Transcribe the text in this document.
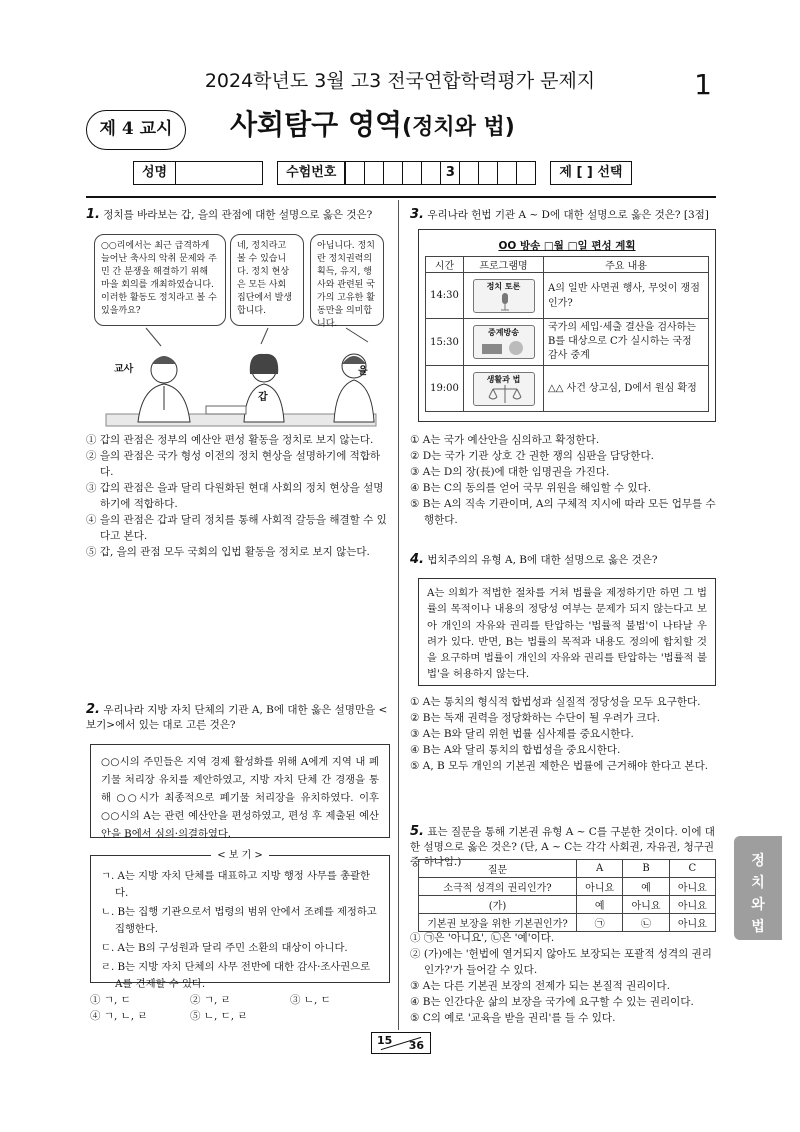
2024학년도 3월 고3 전국연합학력평가 문제지	1
제 4 교시	사회탐구 영역(정치와 법)
성명	수험번호	3	제 [ ] 선택
1. 정치를 바라보는 갑, 을의 관점에 대한 설명으로 옳은 것은?
○○리에서는 최근 급격하게 늘어난 축사의 악취 문제와 주민 간 분쟁을 해결하기 위해 마을 회의를 개최하였습니다. 이러한 활동도 정치라고 볼 수 있을까요?
네, 정치라고 볼 수 있습니다. 정치 현상은 모든 사회 집단에서 발생합니다.
아닙니다. 정치란 정치권력의 획득, 유지, 행사와 관련된 국가의 고유한 활동만을 의미합니다.
교사
갑
을
① 갑의 관점은 정부의 예산안 편성 활동을 정치로 보지 않는다.
② 을의 관점은 국가 형성 이전의 정치 현상을 설명하기에 적합하다.
③ 갑의 관점은 을과 달리 다원화된 현대 사회의 정치 현상을 설명하기에 적합하다.
④ 을의 관점은 갑과 달리 정치를 통해 사회적 갈등을 해결할 수 있다고 본다.
⑤ 갑, 을의 관점 모두 국회의 입법 활동을 정치로 보지 않는다.
2. 우리나라 지방 자치 단체의 기관 A, B에 대한 옳은 설명만을 <보기>에서 있는 대로 고른 것은?
○○시의 주민들은 지역 경제 활성화를 위해 A에게 지역 내 폐기물 처리장 유치를 제안하였고, 지방 자치 단체 간 경쟁을 통해 ○○시가 최종적으로 폐기물 처리장을 유치하였다. 이후 ○○시의 A는 관련 예산안을 편성하였고, 편성 후 제출된 예산안을 B에서 심의·의결하였다.
< 보 기 >

ㄱ. A는 지방 자치 단체를 대표하고 지방 행정 사무를 총괄한다.

ㄴ. B는 집행 기관으로서 법령의 범위 안에서 조례를 제정하고 집행한다.

ㄷ. A는 B의 구성원과 달리 주민 소환의 대상이 아니다.

ㄹ. B는 지방 자치 단체의 사무 전반에 대한 감사·조사권으로 A를 견제할 수 있다.

① ㄱ, ㄷ	② ㄱ, ㄹ	③ ㄴ, ㄷ
④ ㄱ, ㄴ, ㄹ	⑤ ㄴ, ㄷ, ㄹ
3. 우리나라 헌법 기관 A ~ D에 대한 설명으로 옳은 것은? [3점]
OO 방송 □월 □일 편성 계획
시간	프로그램명	주요 내용
14:30	정치 토론	A의 일반 사면권 행사, 무엇이 쟁점인가?
15:30	중계방송	국가의 세입·세출 결산을 검사하는 B를 대상으로 C가 실시하는 국정 감사 중계
19:00	생활과 법	△△ 사건 상고심, D에서 원심 확정
① A는 국가 예산안을 심의하고 확정한다.
② D는 국가 기관 상호 간 권한 쟁의 심판을 담당한다.
③ A는 D의 장(長)에 대한 임명권을 가진다.
④ B는 C의 동의를 얻어 국무 위원을 해임할 수 있다.
⑤ B는 A의 직속 기관이며, A의 구체적 지시에 따라 모든 업무를 수행한다.
4. 법치주의의 유형 A, B에 대한 설명으로 옳은 것은?
A는 의회가 적법한 절차를 거쳐 법률을 제정하기만 하면 그 법률의 목적이나 내용의 정당성 여부는 문제가 되지 않는다고 보아 개인의 자유와 권리를 탄압하는 '법률적 불법'이 나타날 우려가 있다. 반면, B는 법률의 목적과 내용도 정의에 합치할 것을 요구하며 법률이 개인의 자유와 권리를 탄압하는 '법률적 불법'을 허용하지 않는다.
① A는 통치의 형식적 합법성과 실질적 정당성을 모두 요구한다.
② B는 독재 권력을 정당화하는 수단이 될 우려가 크다.
③ A는 B와 달리 위헌 법률 심사제를 중요시한다.
④ B는 A와 달리 통치의 합법성을 중요시한다.
⑤ A, B 모두 개인의 기본권 제한은 법률에 근거해야 한다고 본다.
5. 표는 질문을 통해 기본권 유형 A ~ C를 구분한 것이다. 이에 대한 설명으로 옳은 것은? (단, A ~ C는 각각 사회권, 자유권, 청구권 중 하나임.)
질문	A	B	C
소극적 성격의 권리인가?	아니요	예	아니요
(가)	예	아니요	아니요
기본권 보장을 위한 기본권인가?	㉠	㉡	아니요
① ㉠은 '아니요', ㉡은 '예'이다.
② (가)에는 '헌법에 열거되지 않아도 보장되는 포괄적 성격의 권리인가?'가 들어갈 수 있다.
③ A는 다른 기본권 보장의 전제가 되는 본질적 권리이다.
④ B는 인간다운 삶의 보장을 국가에 요구할 수 있는 권리이다.
⑤ C의 예로 '교육을 받을 권리'를 들 수 있다.
정
치
와
법
15 36
